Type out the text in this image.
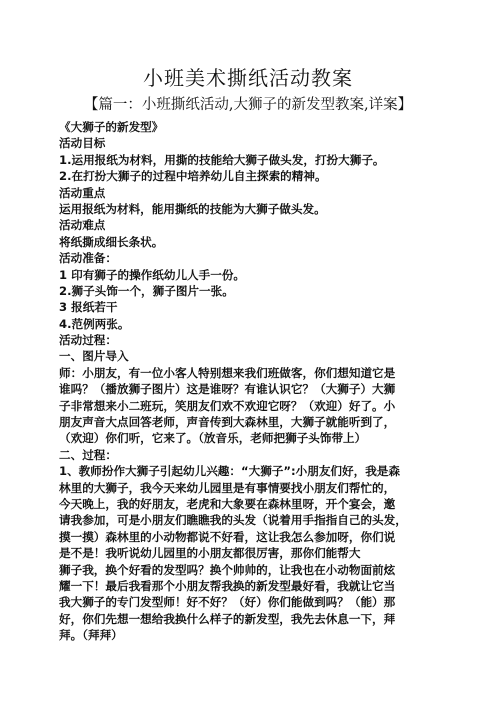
小班美术撕纸活动教案
【篇一：小班撕纸活动,大狮子的新发型教案,详案】
《大狮子的新发型》
活动目标
1.运用报纸为材料，用撕的技能给大狮子做头发，打扮大狮子。
2.在打扮大狮子的过程中培养幼儿自主探索的精神。
活动重点
运用报纸为材料，能用撕纸的技能为大狮子做头发。
活动难点
将纸撕成细长条状。
活动准备：
1 印有狮子的操作纸幼儿人手一份。
2.狮子头饰一个，狮子图片一张。
3 报纸若干
4.范例两张。
活动过程：
一、图片导入
师：小朋友，有一位小客人特别想来我们班做客，你们想知道它是
谁吗？（播放狮子图片）这是谁呀？有谁认识它？（大狮子）大狮
子非常想来小二班玩，笑朋友们欢不欢迎它呀？（欢迎）好了。小
朋友声音大点回答老师，声音传到大森林里，大狮子就能听到了，
（欢迎）你们听，它来了。（放音乐，老师把狮子头饰带上）
二、过程：
1、教师扮作大狮子引起幼儿兴趣：“大狮子”:小朋友们好，我是森
林里的大狮子，我今天来幼儿园里是有事情要找小朋友们帮忙的，
今天晚上，我的好朋友，老虎和大象要在森林里呀，开个宴会，邀
请我参加，可是小朋友们瞧瞧我的头发（说着用手指指自己的头发，
摸一摸）森林里的小动物都说不好看，这让我怎么参加呀，你们说
是不是！我听说幼儿园里的小朋友都很厉害，那你们能帮大
狮子我，换个好看的发型吗？换个帅帅的，让我也在小动物面前炫
耀一下！最后我看那个小朋友帮我换的新发型最好看，我就让它当
我大狮子的专门发型师！好不好？（好）你们能做到吗？（能）那
好，你们先想一想给我换什么样子的新发型，我先去休息一下，拜
拜。（拜拜）
